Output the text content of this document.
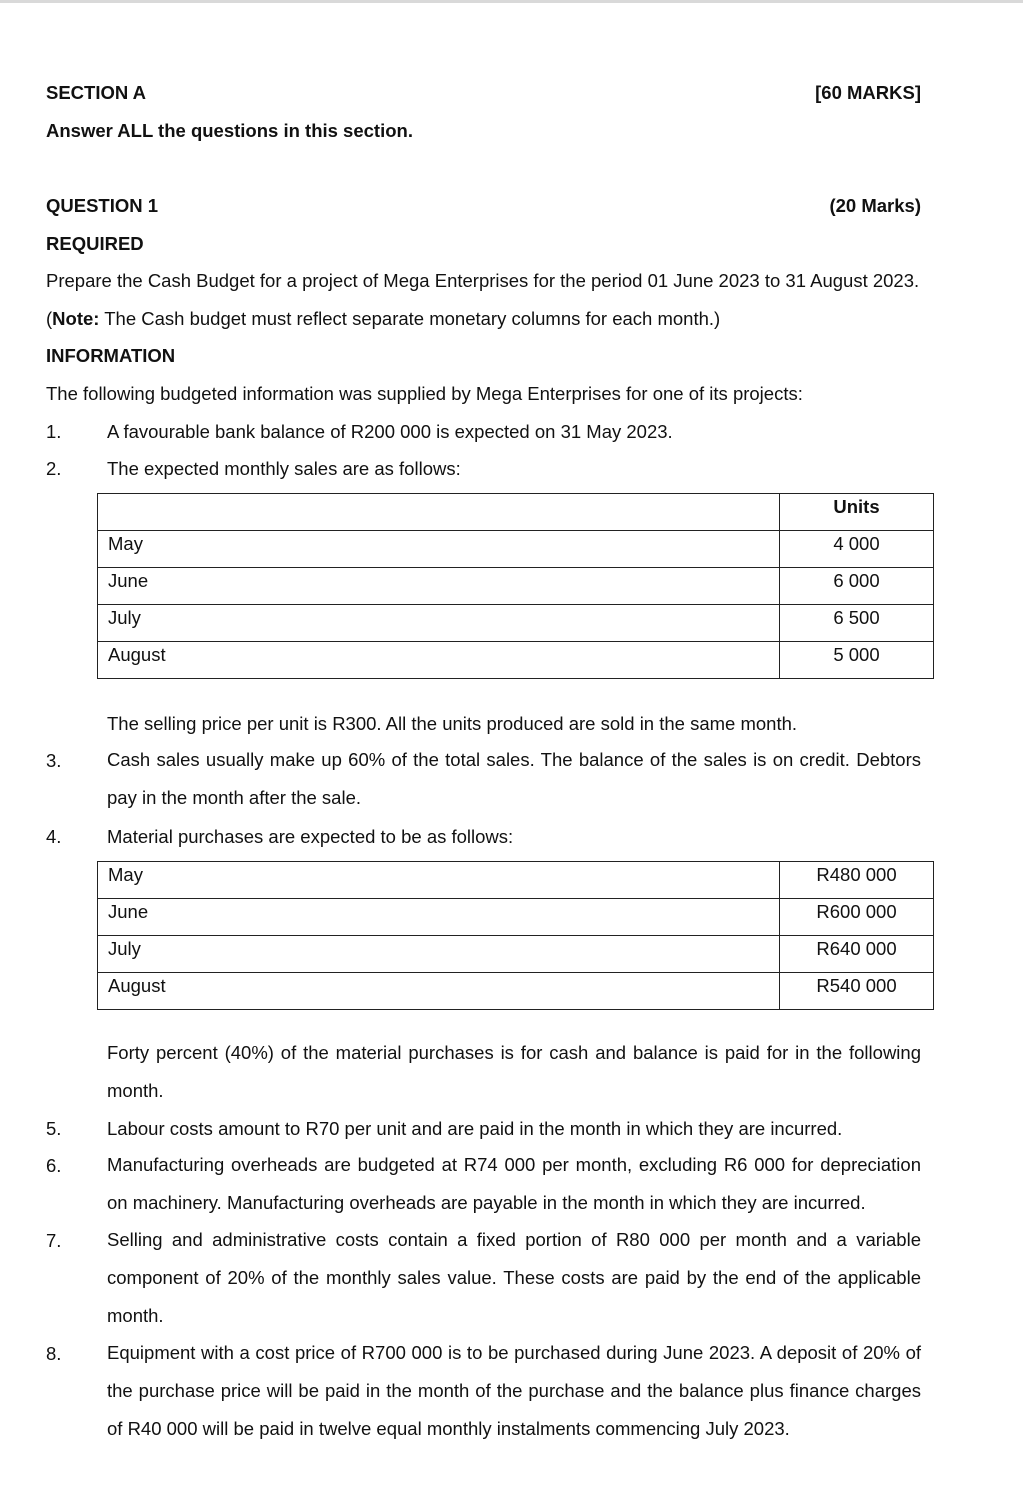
SECTION A	[60 MARKS]
Answer ALL the questions in this section.
QUESTION 1	(20 Marks)
REQUIRED
Prepare the Cash Budget for a project of Mega Enterprises for the period 01 June 2023 to 31 August 2023.
(Note: The Cash budget must reflect separate monetary columns for each month.)
INFORMATION
The following budgeted information was supplied by Mega Enterprises for one of its projects:
1. A favourable bank balance of R200 000 is expected on 31 May 2023.
2. The expected monthly sales are as follows:
	Units
May	4 000
June	6 000
July	6 500
August	5 000
The selling price per unit is R300. All the units produced are sold in the same month.
3. Cash sales usually make up 60% of the total sales. The balance of the sales is on credit. Debtors pay in the month after the sale.
4. Material purchases are expected to be as follows:
May	R480 000
June	R600 000
July	R640 000
August	R540 000
Forty percent (40%) of the material purchases is for cash and balance is paid for in the following month.
5. Labour costs amount to R70 per unit and are paid in the month in which they are incurred.
6. Manufacturing overheads are budgeted at R74 000 per month, excluding R6 000 for depreciation on machinery. Manufacturing overheads are payable in the month in which they are incurred.
7. Selling and administrative costs contain a fixed portion of R80 000 per month and a variable component of 20% of the monthly sales value. These costs are paid by the end of the applicable month.
8. Equipment with a cost price of R700 000 is to be purchased during June 2023. A deposit of 20% of the purchase price will be paid in the month of the purchase and the balance plus finance charges of R40 000 will be paid in twelve equal monthly instalments commencing July 2023.
